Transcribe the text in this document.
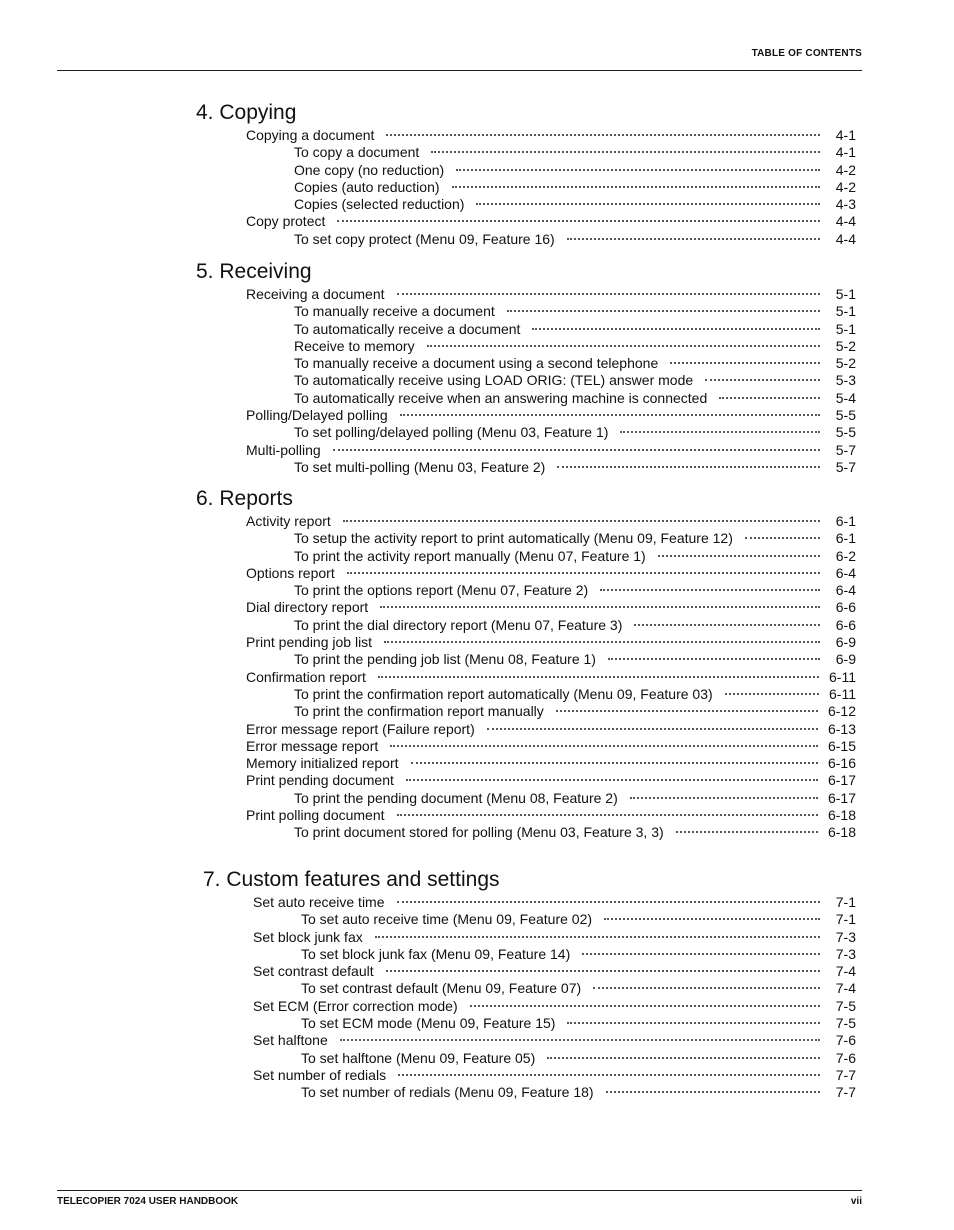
TABLE OF CONTENTS
4. Copying
Copying a document	4-1
To copy a document	4-1
One copy (no reduction)	4-2
Copies (auto reduction)	4-2
Copies (selected reduction)	4-3
Copy protect	4-4
To set copy protect (Menu 09, Feature 16)	4-4
5. Receiving
Receiving a document	5-1
To manually receive a document	5-1
To automatically receive a document	5-1
Receive to memory	5-2
To manually receive a document using a second telephone	5-2
To automatically receive using LOAD ORIG: (TEL) answer mode	5-3
To automatically receive when an answering machine is connected	5-4
Polling/Delayed polling	5-5
To set polling/delayed polling (Menu 03, Feature 1)	5-5
Multi-polling	5-7
To set multi-polling (Menu 03, Feature 2)	5-7
6. Reports
Activity report	6-1
To setup the activity report to print automatically (Menu 09, Feature 12)	6-1
To print the activity report manually (Menu 07, Feature 1)	6-2
Options report	6-4
To print the options report (Menu 07, Feature 2)	6-4
Dial directory report	6-6
To print the dial directory report (Menu 07, Feature 3)	6-6
Print pending job list	6-9
To print the pending job list (Menu 08, Feature 1)	6-9
Confirmation report	6-11
To print the confirmation report automatically (Menu 09, Feature 03)	6-11
To print the confirmation report manually	6-12
Error message report (Failure report)	6-13
Error message report	6-15
Memory initialized report	6-16
Print pending document	6-17
To print the pending document (Menu 08, Feature 2)	6-17
Print polling document	6-18
To print document stored for polling (Menu 03, Feature 3, 3)	6-18
7. Custom features and settings
Set auto receive time	7-1
To set auto receive time (Menu 09, Feature 02)	7-1
Set block junk fax	7-3
To set block junk fax (Menu 09, Feature 14)	7-3
Set contrast default	7-4
To set contrast default (Menu 09, Feature 07)	7-4
Set ECM (Error correction mode)	7-5
To set ECM mode (Menu 09, Feature 15)	7-5
Set halftone	7-6
To set halftone (Menu 09, Feature 05)	7-6
Set number of redials	7-7
To set number of redials (Menu 09, Feature 18)	7-7
TELECOPIER 7024 USER HANDBOOK	vii
